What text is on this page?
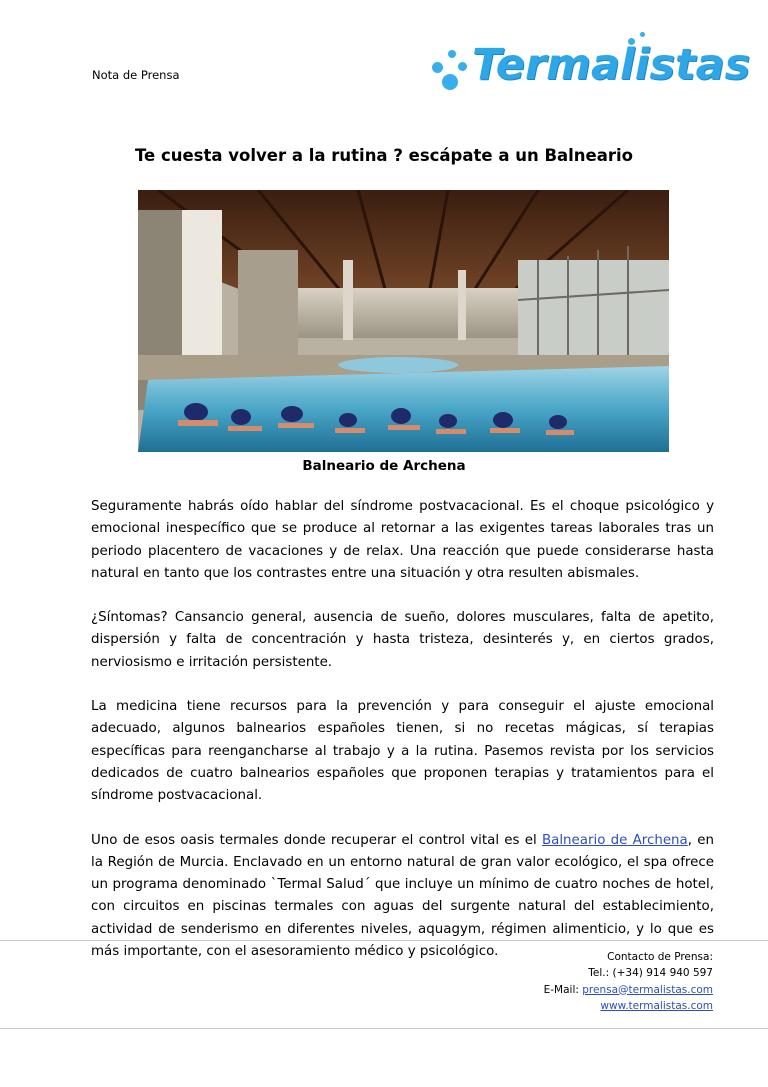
Nota de Prensa	Termalistas
Te cuesta volver a la rutina ? escápate a un Balneario
Balneario de Archena

Seguramente habrás oído hablar del síndrome postvacacional. Es el choque psicológico y emocional inespecífico que se produce al retornar a las exigentes tareas laborales tras un periodo placentero de vacaciones y de relax. Una reacción que puede considerarse hasta natural en tanto que los contrastes entre una situación y otra resulten abismales.

¿Síntomas? Cansancio general, ausencia de sueño, dolores musculares, falta de apetito, dispersión y falta de concentración y hasta tristeza, desinterés y, en ciertos grados, nerviosismo e irritación persistente.

La medicina tiene recursos para la prevención y para conseguir el ajuste emocional adecuado, algunos balnearios españoles tienen, si no recetas mágicas, sí terapias específicas para reengancharse al trabajo y a la rutina. Pasemos revista por los servicios dedicados de cuatro balnearios españoles que proponen terapias y tratamientos para el síndrome postvacacional.

Uno de esos oasis termales donde recuperar el control vital es el Balneario de Archena, en la Región de Murcia. Enclavado en un entorno natural de gran valor ecológico, el spa ofrece un programa denominado `Termal Salud´ que incluye un mínimo de cuatro noches de hotel, con circuitos en piscinas termales con aguas del surgente natural del establecimiento, actividad de senderismo en diferentes niveles, aquagym, régimen alimenticio, y lo que es más importante, con el asesoramiento médico y psicológico.	Contacto de Prensa:
Tel.: (+34) 914 940 597
E-Mail: prensa@termalistas.com
www.termalistas.com
